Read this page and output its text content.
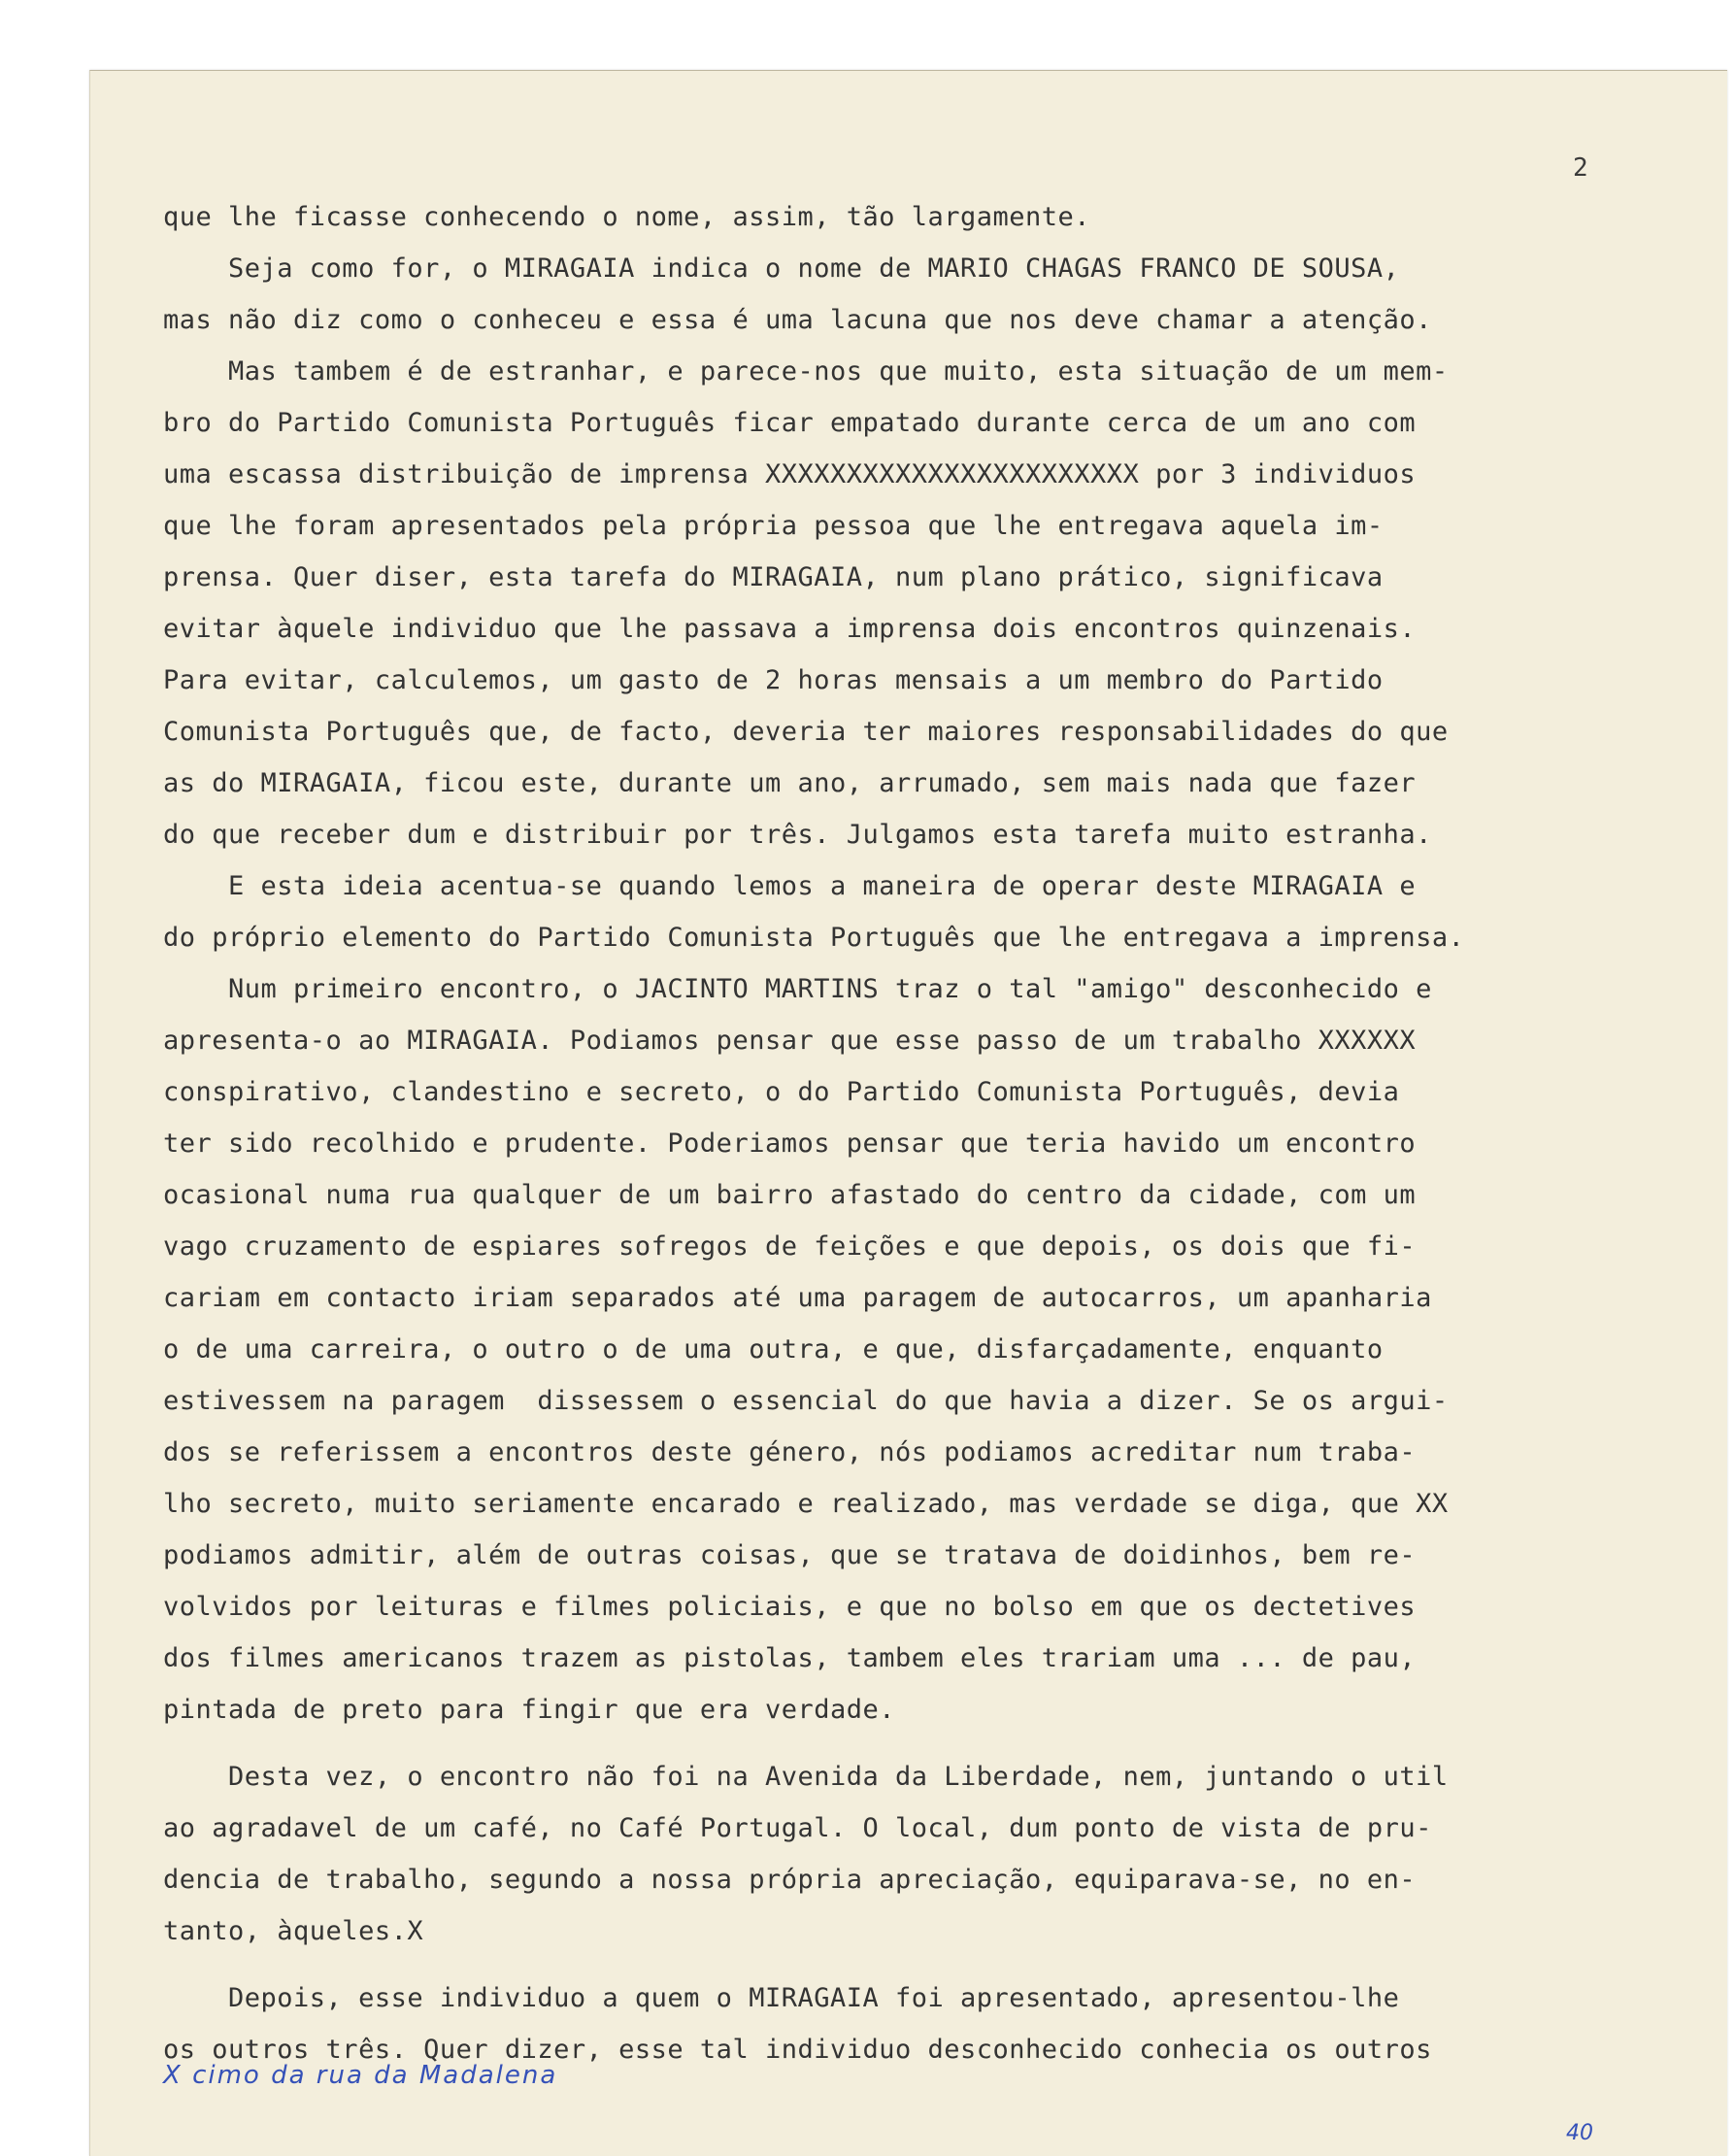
2
que lhe ficasse conhecendo o nome, assim, tão largamente.
Seja como for, o MIRAGAIA indica o nome de MARIO CHAGAS FRANCO DE SOUSA,
mas não diz como o conheceu e essa é uma lacuna que nos deve chamar a atenção.
Mas tambem é de estranhar, e parece-nos que muito, esta situação de um mem-
bro do Partido Comunista Português ficar empatado durante cerca de um ano com
uma escassa distribuição de imprensa XXXXXXXXXXXXXXXXXXXXXXX por 3 individuos
que lhe foram apresentados pela própria pessoa que lhe entregava aquela im-
prensa. Quer diser, esta tarefa do MIRAGAIA, num plano prático, significava
evitar àquele individuo que lhe passava a imprensa dois encontros quinzenais.
Para evitar, calculemos, um gasto de 2 horas mensais a um membro do Partido
Comunista Português que, de facto, deveria ter maiores responsabilidades do que
as do MIRAGAIA, ficou este, durante um ano, arrumado, sem mais nada que fazer
do que receber dum e distribuir por três. Julgamos esta tarefa muito estranha.
E esta ideia acentua-se quando lemos a maneira de operar deste MIRAGAIA e
do próprio elemento do Partido Comunista Português que lhe entregava a imprensa.
Num primeiro encontro, o JACINTO MARTINS traz o tal "amigo" desconhecido e
apresenta-o ao MIRAGAIA. Podiamos pensar que esse passo de um trabalho XXXXXX
conspirativo, clandestino e secreto, o do Partido Comunista Português, devia
ter sido recolhido e prudente. Poderiamos pensar que teria havido um encontro
ocasional numa rua qualquer de um bairro afastado do centro da cidade, com um
vago cruzamento de espiares sofregos de feições e que depois, os dois que fi-
cariam em contacto iriam separados até uma paragem de autocarros, um apanharia
o de uma carreira, o outro o de uma outra, e que, disfarçadamente, enquanto
estivessem na paragem  dissessem o essencial do que havia a dizer. Se os argui-
dos se referissem a encontros deste género, nós podiamos acreditar num traba-
lho secreto, muito seriamente encarado e realizado, mas verdade se diga, que XX
podiamos admitir, além de outras coisas, que se tratava de doidinhos, bem re-
volvidos por leituras e filmes policiais, e que no bolso em que os dectetives
dos filmes americanos trazem as pistolas, tambem eles trariam uma ... de pau,
pintada de preto para fingir que era verdade.
Desta vez, o encontro não foi na Avenida da Liberdade, nem, juntando o util
ao agradavel de um café, no Café Portugal. O local, dum ponto de vista de pru-
dencia de trabalho, segundo a nossa própria apreciação, equiparava-se, no en-
tanto, àqueles.X
Depois, esse individuo a quem o MIRAGAIA foi apresentado, apresentou-lhe
os outros três. Quer dizer, esse tal individuo desconhecido conhecia os outros
X cimo da rua da Madalena
40
